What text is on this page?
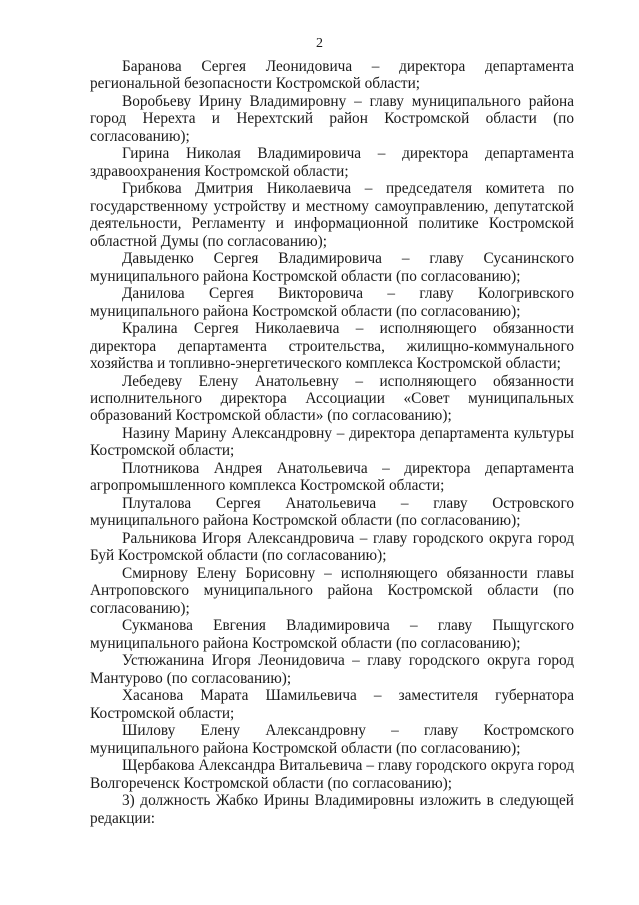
2

Баранова Сергея Леонидовича – директора департамента региональной безопасности Костромской области;

Воробьеву Ирину Владимировну – главу муниципального района город Нерехта и Нерехтский район Костромской области (по согласованию);

Гирина Николая Владимировича – директора департамента здравоохранения Костромской области;

Грибкова Дмитрия Николаевича – председателя комитета по государственному устройству и местному самоуправлению, депутатской деятельности, Регламенту и информационной политике Костромской областной Думы (по согласованию);

Давыденко Сергея Владимировича – главу Сусанинского муниципального района Костромской области (по согласованию);

Данилова Сергея Викторовича – главу Кологривского муниципального района Костромской области (по согласованию);

Кралина Сергея Николаевича – исполняющего обязанности директора департамента строительства, жилищно-коммунального хозяйства и топливно-энергетического комплекса Костромской области;

Лебедеву Елену Анатольевну – исполняющего обязанности исполнительного директора Ассоциации «Совет муниципальных образований Костромской области» (по согласованию);

Назину Марину Александровну – директора департамента культуры Костромской области;

Плотникова Андрея Анатольевича – директора департамента агропромышленного комплекса Костромской области;

Плуталова Сергея Анатольевича – главу Островского муниципального района Костромской области (по согласованию);

Ральникова Игоря Александровича – главу городского округа город Буй Костромской области (по согласованию);

Смирнову Елену Борисовну – исполняющего обязанности главы Антроповского муниципального района Костромской области (по согласованию);

Сукманова Евгения Владимировича – главу Пыщугского муниципального района Костромской области (по согласованию);

Устюжанина Игоря Леонидовича – главу городского округа город Мантурово (по согласованию);

Хасанова Марата Шамильевича – заместителя губернатора Костромской области;

Шилову Елену Александровну – главу Костромского муниципального района Костромской области (по согласованию);

Щербакова Александра Витальевича – главу городского округа город Волгореченск Костромской области (по согласованию);

3) должность Жабко Ирины Владимировны изложить в следующей редакции:
